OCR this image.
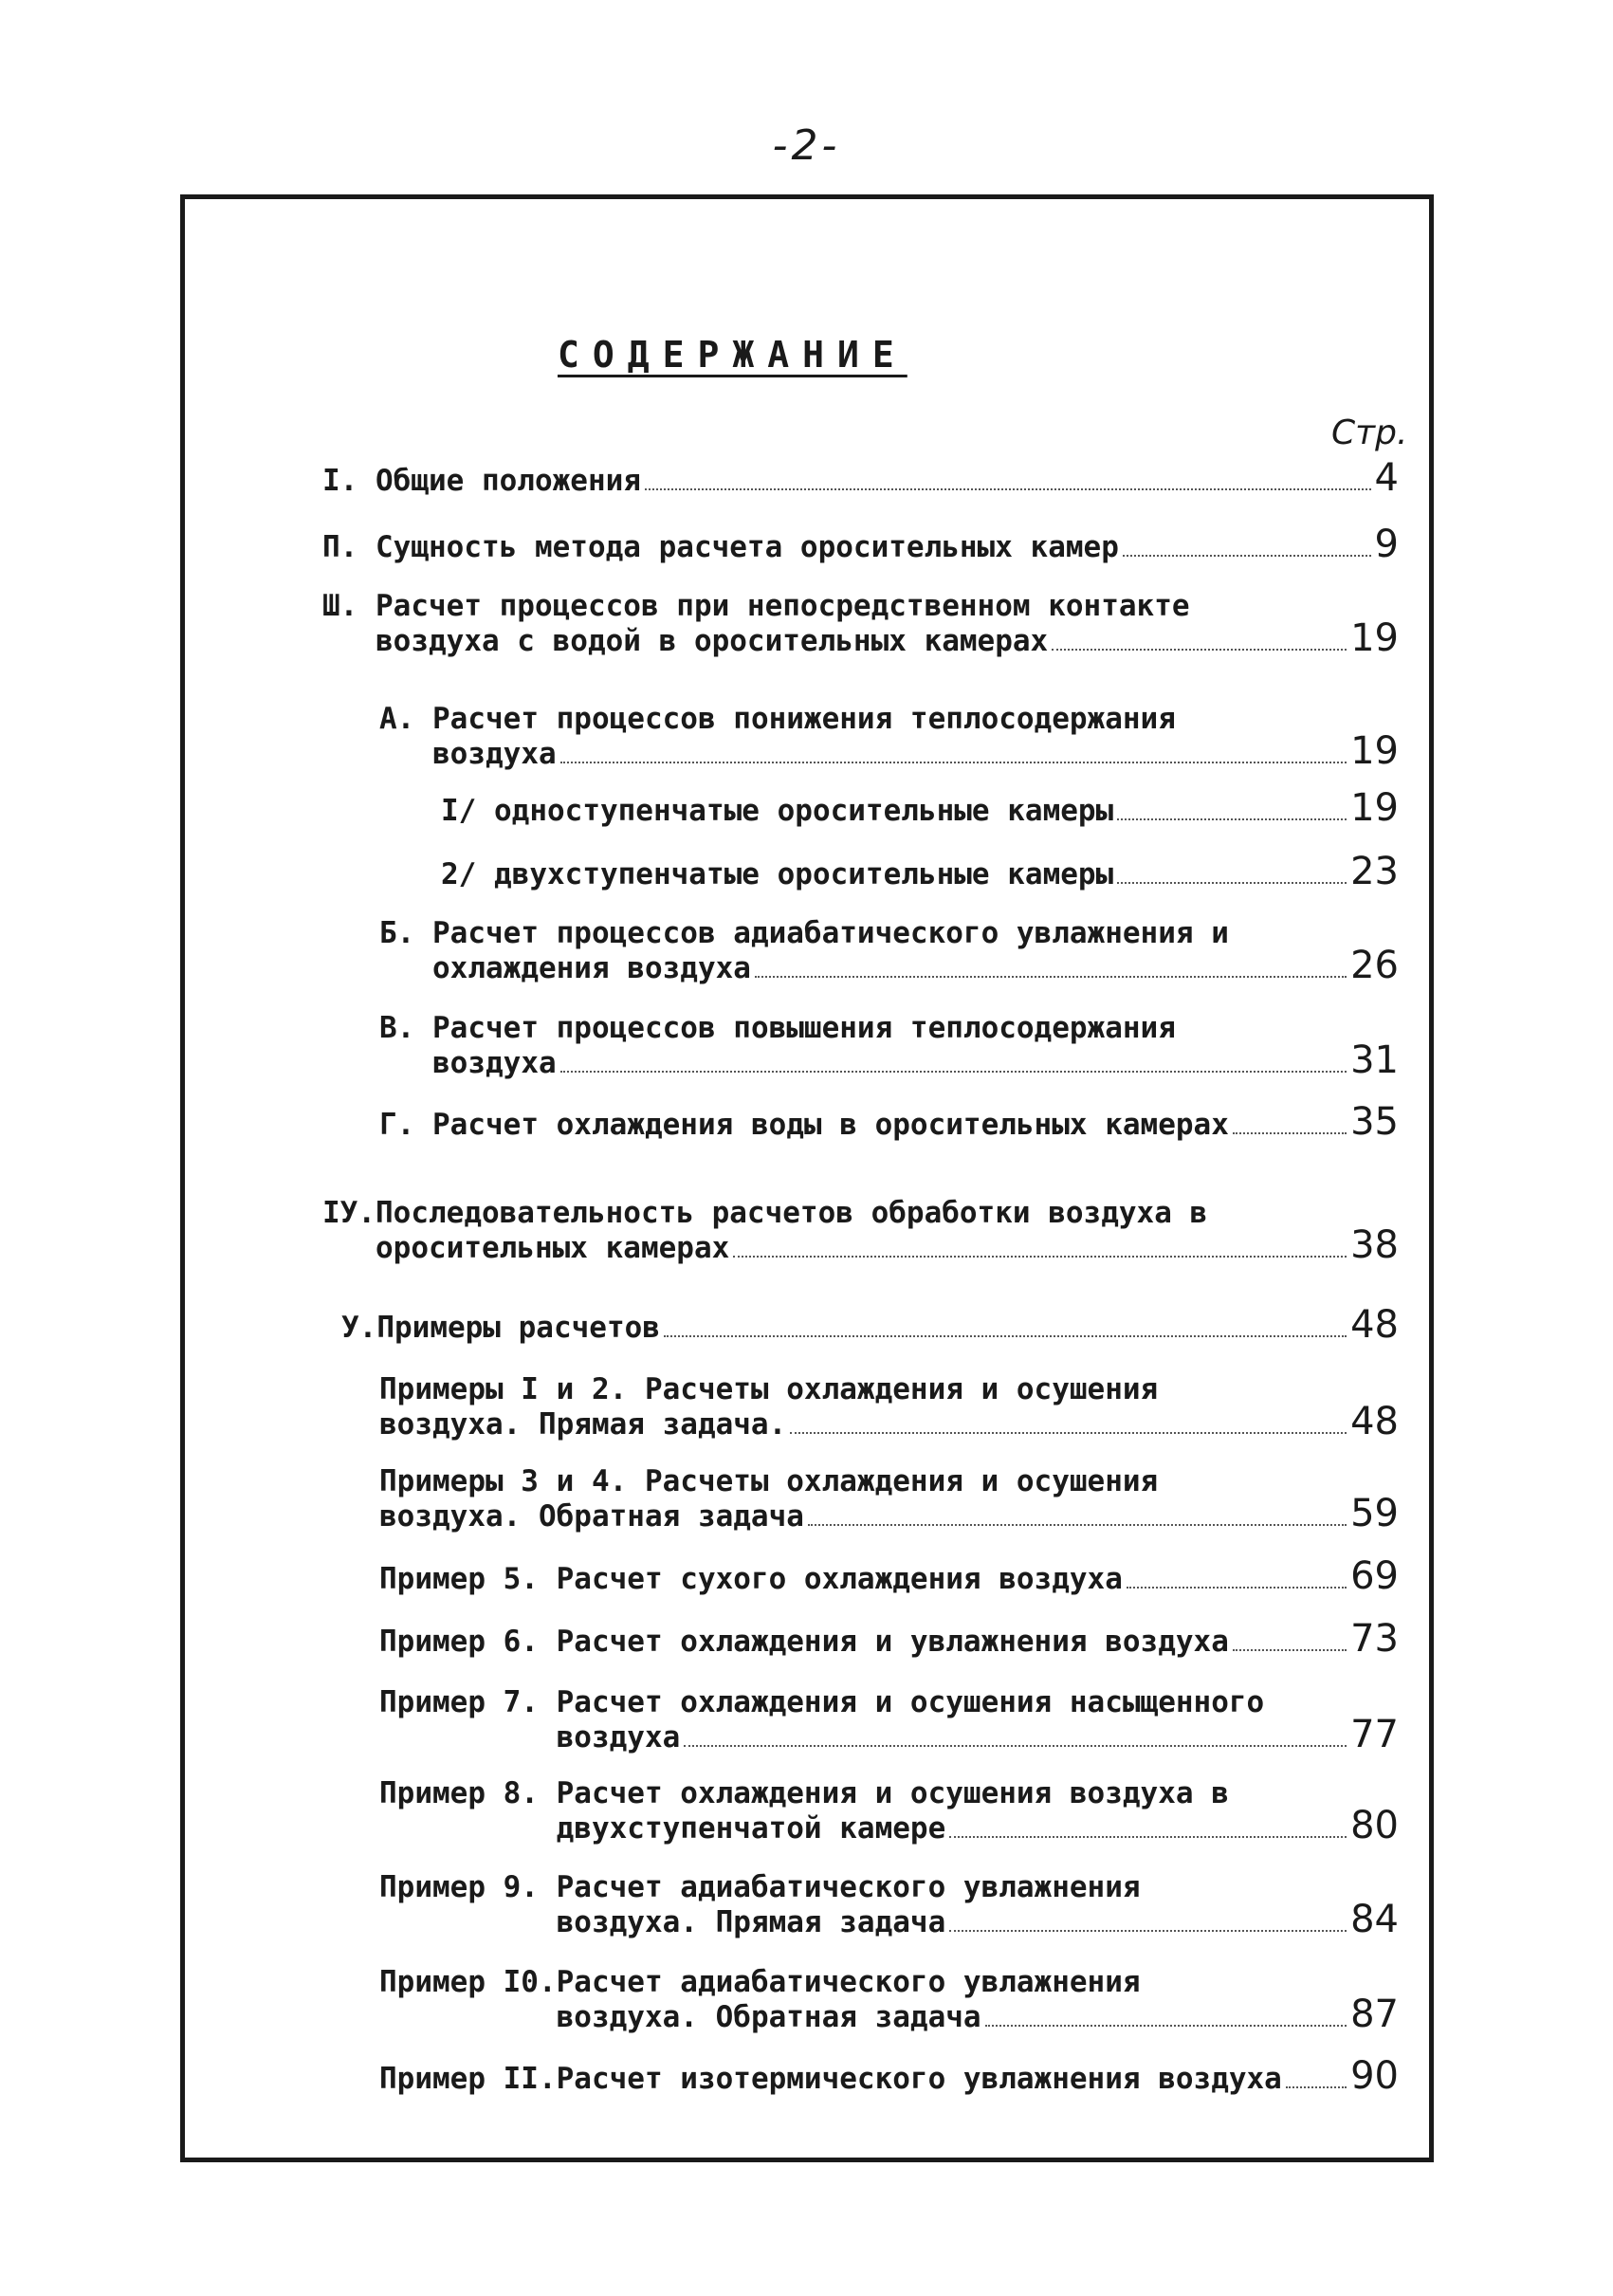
-2-
СОДЕРЖАНИЕ
Стр.
I. Общие положения	4
П. Сущность метода расчета оросительных камер	9
Ш. Расчет процессов при непосредственном контакте
воздуха с водой в оросительных камерах	19
А. Расчет процессов понижения теплосодержания
воздуха	19
I/ одноступенчатые оросительные камеры	19
2/ двухступенчатые оросительные камеры	23
Б. Расчет процессов адиабатического увлажнения и
охлаждения воздуха	26
В. Расчет процессов повышения теплосодержания
воздуха	31
Г. Расчет охлаждения воды в оросительных камерах	35
IУ. Последовательность расчетов обработки воздуха в
оросительных камерах	38
У. Примеры расчетов	48
Примеры I и 2. Расчеты охлаждения и осушения
воздуха. Прямая задача.	48
Примеры 3 и 4. Расчеты охлаждения и осушения
воздуха. Обратная задача	59
Пример 5. Расчет сухого охлаждения воздуха	69
Пример 6. Расчет охлаждения и увлажнения воздуха	73
Пример 7. Расчет охлаждения и осушения насыщенного
воздуха	77
Пример 8. Расчет охлаждения и осушения воздуха в
двухступенчатой камере	80
Пример 9. Расчет адиабатического увлажнения
воздуха. Прямая задача	84
Пример I0. Расчет адиабатического увлажнения
воздуха. Обратная задача	87
Пример II. Расчет изотермического увлажнения воздуха 90
